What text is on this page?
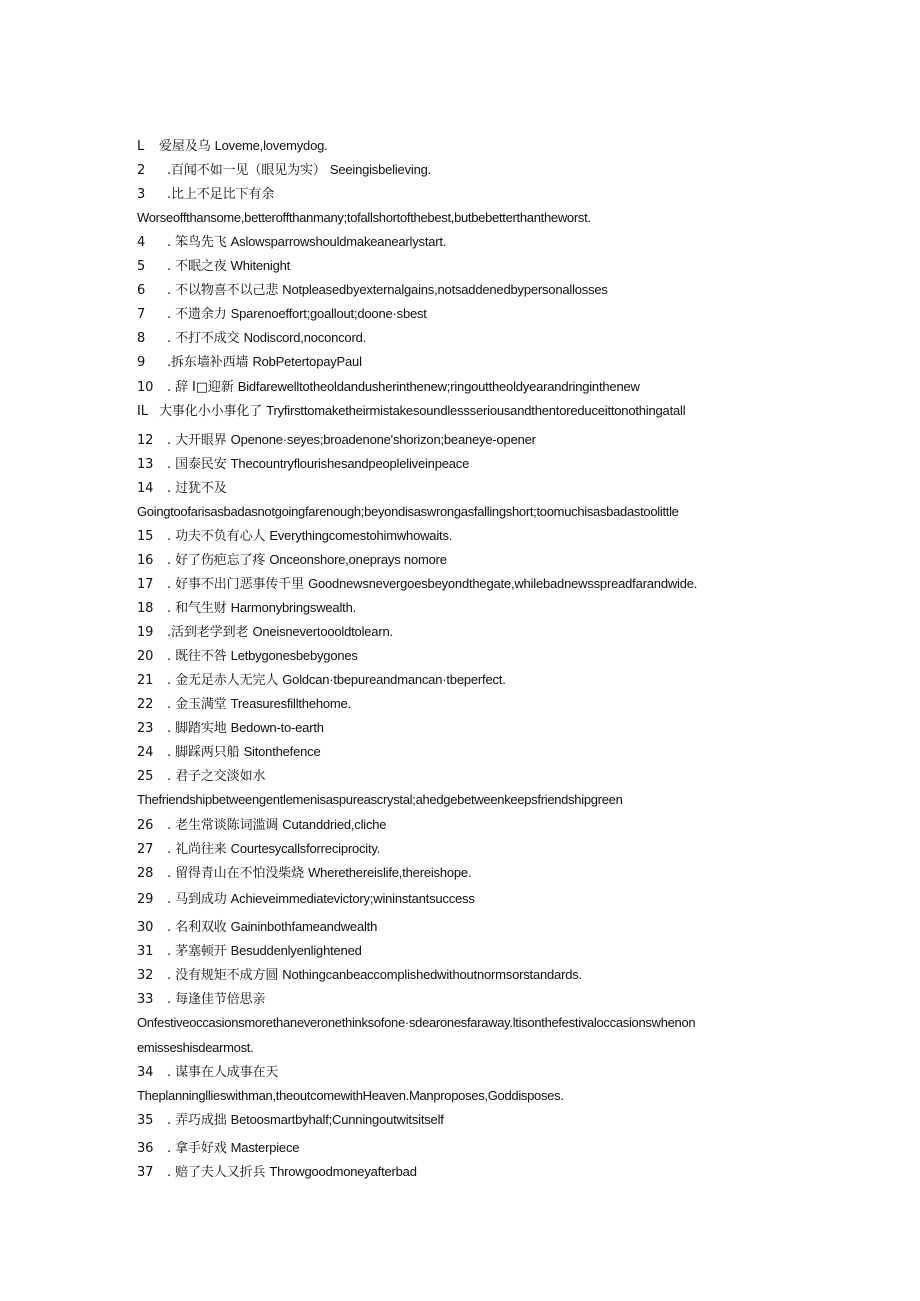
L 爱屋及乌 Loveme,lovemydog.
2 .百闻不如一见（眼见为实） Seeingisbelieving.
3 .比上不足比下有余
Worseoffthansome,betteroffthanmany;tofallshortofthebest,butbebetterthantheworst.
4 . 笨鸟先飞 Aslowsparrowshouldmakeanearlystart.
5 . 不眠之夜 Whitenight
6 . 不以物喜不以己悲 Notpleasedbyexternalgains,notsaddenedbypersonallosses
7 . 不遗余力 Sparenoeffort;goallout;doone·sbest
8 . 不打不成交 Nodiscord,noconcord.
9 .拆东墙补西墙 RobPetertopayPaul
10 . 辞 I□迎新 Bidfarewelltotheoldandusherinthenew;ringouttheoldyearandringinthenew
IL 大事化小小事化了 Tryfirsttomaketheirmistakesoundlessseriousandthentoreduceittonothingatall
12 . 大开眼界 Openone·seyes;broadenone'shorizon;beaneye-opener
13 . 国泰民安 Thecountryflourishesandpeopleliveinpeace
14 . 过犹不及
Goingtoofarisasbadasnotgoingfarenough;beyondisaswrongasfallingshort;toomuchisasbadastoolittle
15 . 功夫不负有心人 Everythingcomestohimwhowaits.
16 . 好了伤疤忘了疼 Onceonshore,oneprays nomore
17 . 好事不出门恶事传千里 Goodnewsnevergoesbeyondthegate,whilebadnewsspreadfarandwide.
18 . 和气生财 Harmonybringswealth.
19 .活到老学到老 Oneisnevertoooldtolearn.
20 . 既往不咎 Letbygonesbebygones
21 . 金无足赤人无完人 Goldcan·tbepureandmancan·tbeperfect.
22 . 金玉满堂 Treasuresfillthehome.
23 . 脚踏实地 Bedown-to-earth
24 . 脚踩两只船 Sitonthefence
25 . 君子之交淡如水
Thefriendshipbetweengentlemenisaspureascrystal;ahedgebetweenkeepsfriendshipgreen
26 . 老生常谈陈词滥调 Cutanddried,cliche
27 . 礼尚往来 Courtesycallsforreciprocity.
28 . 留得青山在不怕没柴烧 Wherethereislife,thereishope.
29 . 马到成功 Achieveimmediatevictory;wininstantsuccess
30 . 名利双收 Gaininbothfameandwealth
31 . 茅塞顿开 Besuddenlyenlightened
32 . 没有规矩不成方圆 Nothingcanbeaccomplishedwithoutnormsorstandards.
33 . 每逢佳节倍思亲
Onfestiveoccasionsmorethaneveronethinksofone·sdearonesfaraway.ltisonthefestivaloccasionswhenon
emisseshisdearmost.
34 . 谋事在人成事在天
Theplanningllieswithman,theoutcomewithHeaven.Manproposes,Goddisposes.
35 . 弄巧成拙 Betoosmartbyhalf;Cunningoutwitsitself
36 . 拿手好戏 Masterpiece
37 . 赔了夫人又折兵 Throwgoodmoneyafterbad
